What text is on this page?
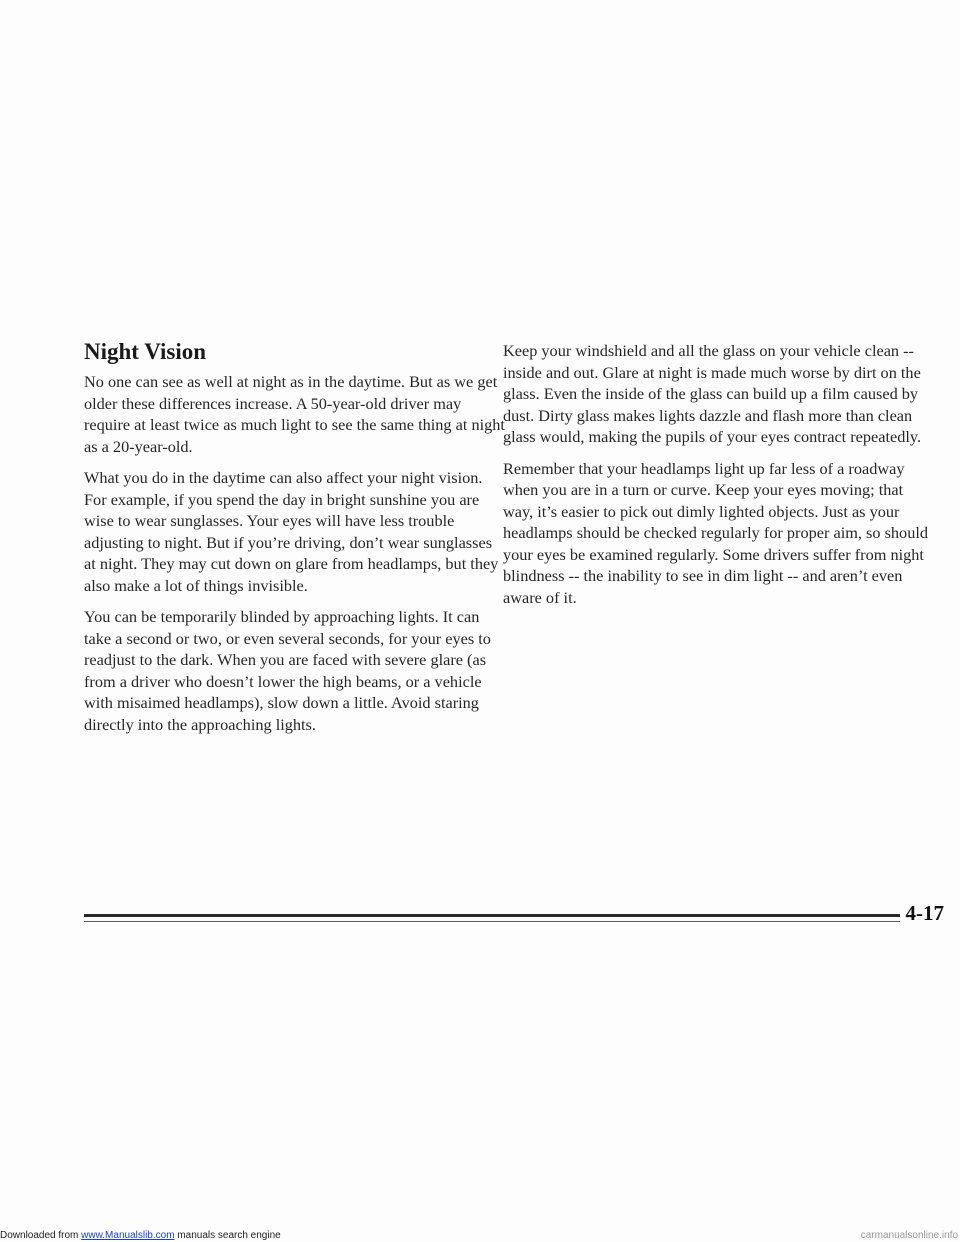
Night Vision

No one can see as well at night as in the daytime. But as we get older these differences increase. A 50-year-old driver may require at least twice as much light to see the same thing at night as a 20-year-old.

What you do in the daytime can also affect your night vision. For example, if you spend the day in bright sunshine you are wise to wear sunglasses. Your eyes will have less trouble adjusting to night. But if you’re driving, don’t wear sunglasses at night. They may cut down on glare from headlamps, but they also make a lot of things invisible.

You can be temporarily blinded by approaching lights. It can take a second or two, or even several seconds, for your eyes to readjust to the dark. When you are faced with severe glare (as from a driver who doesn’t lower the high beams, or a vehicle with misaimed headlamps), slow down a little. Avoid staring directly into the approaching lights.

Keep your windshield and all the glass on your vehicle clean -- inside and out. Glare at night is made much worse by dirt on the glass. Even the inside of the glass can build up a film caused by dust. Dirty glass makes lights dazzle and flash more than clean glass would, making the pupils of your eyes contract repeatedly.

Remember that your headlamps light up far less of a roadway when you are in a turn or curve. Keep your eyes moving; that way, it’s easier to pick out dimly lighted objects. Just as your headlamps should be checked regularly for proper aim, so should your eyes be examined regularly. Some drivers suffer from night blindness -- the inability to see in dim light -- and aren’t even aware of it.

4-17
Downloaded from www.Manualslib.com manuals search engine	carmanualsonline.info
